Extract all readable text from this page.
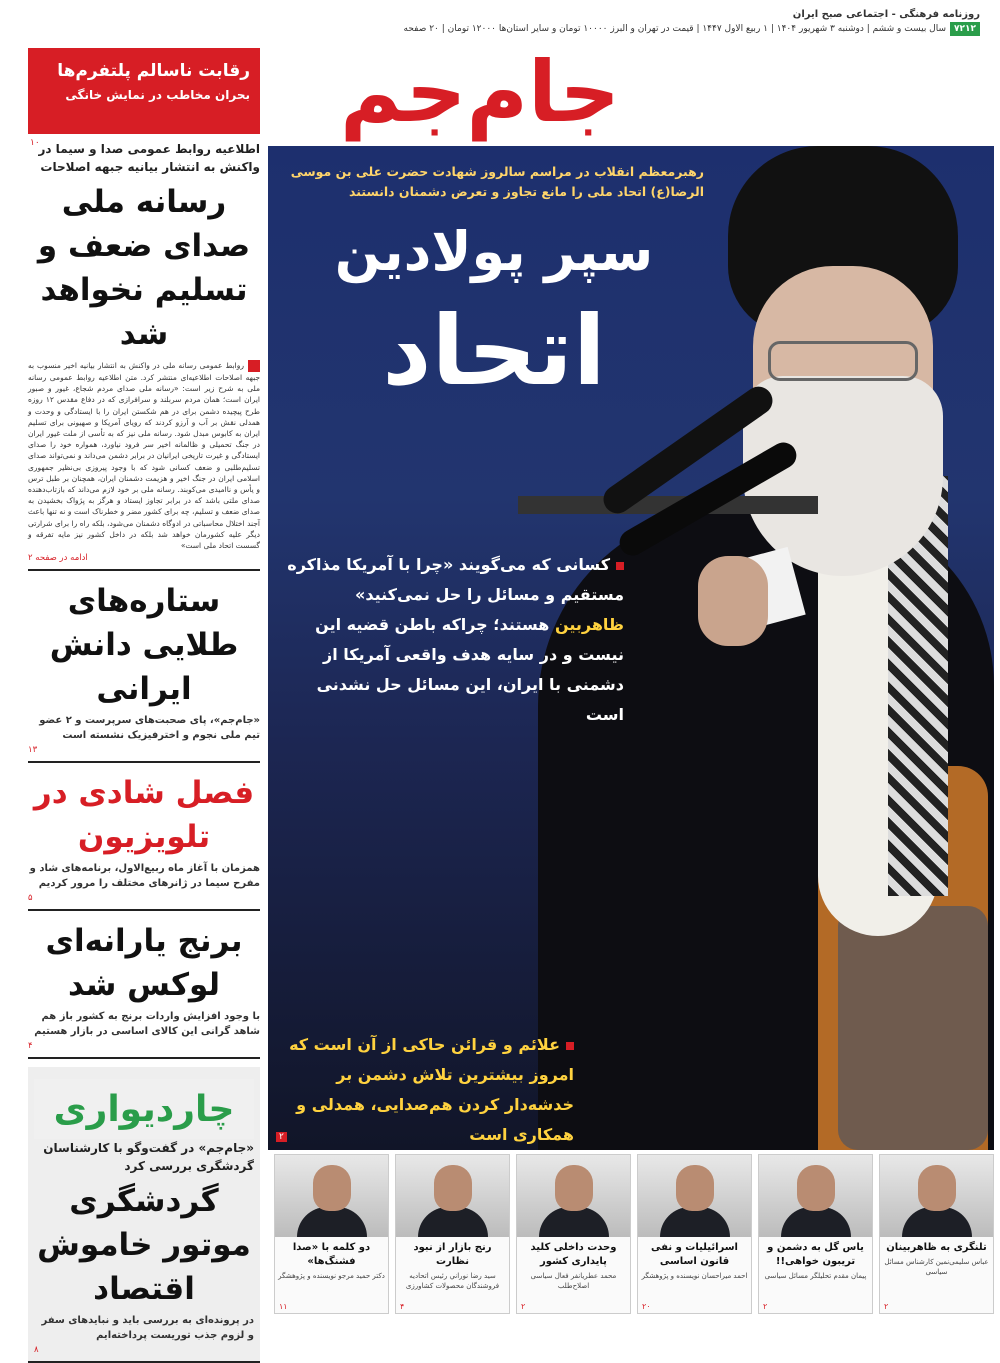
روزنامه فرهنگی - اجتماعی صبح ایران
۷۲۱۲سال بیست و ششم | دوشنبه ۳ شهریور ۱۴۰۴ | ۱ ربیع الاول ۱۴۴۷ | قیمت در تهران و البرز ۱۰۰۰۰ تومان و سایر استان‌ها ۱۲۰۰۰ تومان | ۲۰ صفحه
رقابت ناسالم پلتفرم‌ها

بحران مخاطب در نمایش خانگی

۱۰
جام‌جم
رهبرمعظم انقلاب در مراسم سالروز شهادت حضرت علی بن موسی الرضا(ع) اتحاد ملی را مانع تجاوز و تعرض دشمنان دانستند
سپر پولادین
اتحاد
کسانی که می‌گویند «چرا با آمریکا مذاکره مستقیم و مسائل را حل نمی‌کنید» ظاهربین هستند؛ چراکه باطن قضیه این نیست و در سایه هدف واقعی آمریکا از دشمنی با ایران، این مسائل حل نشدنی است
علائم و قرائن حاکی از آن است که امروز بیشترین تلاش دشمن بر خدشه‌دار کردن هم‌صدایی، همدلی و همکاری است
۲
اطلاعیه روابط عمومی صدا و سیما در واکنش به انتشار بیانیه جبهه اصلاحات
رسانه ملی صدای ضعف و تسلیم نخواهد شد
روابط عمومی رسانه ملی در واکنش به انتشار بیانیه اخیر منسوب به جبهه اصلاحات اطلاعیه‌ای منتشر کرد. متن اطلاعیه روابط عمومی رسانه ملی به شرح زیر است: «رسانه ملی صدای مردم شجاع، غیور و صبور ایران است؛ همان مردم سربلند و سرافرازی که در دفاع مقدس ۱۲ روزه طرح پیچیده دشمن برای در هم شکستن ایران را با ایستادگی و وحدت و همدلی نقش بر آب و آرزو کردند که رویای آمریکا و صهیونی برای تسلیم ایران به کابوس مبدل شود. رسانه ملی نیز که به تأسی از ملت غیور ایران در جنگ تحمیلی و ظالمانه اخیر سر فرود نیاورد، همواره خود را صدای ایستادگی و غیرت تاریخی ایرانیان در برابر دشمن می‌داند و نمی‌تواند صدای تسلیم‌طلبی و ضعف کسانی شود که با وجود پیروزی بی‌نظیر جمهوری اسلامی ایران در جنگ اخیر و هزیمت دشمنان ایران، همچنان بر طبل ترس و یأس و ناامیدی می‌کوبند. رسانه ملی بر خود لازم می‌داند که بازتاب‌دهنده صدای ملتی باشد که در برابر تجاوز ایستاد و هرگز به پژواک بخشیدن به صدای ضعف و تسلیم، چه برای کشور مضر و خطرناک است و نه تنها باعث آجند اختلال محاسباتی در ادوگاه دشمنان می‌شود، بلکه راه را برای شرارتی دیگر علیه کشورمان خواهد شد بلکه در داخل کشور نیز مایه تفرقه و گسست اتحاد ملی است»
ادامه در صفحه ۲
ستاره‌های طلایی دانش ایرانی
«جام‌جم»، پای صحبت‌های سرپرست و ۲ عضو تیم ملی نجوم و اخترفیزیک نشسته است
۱۳
فصل شادی در تلویزیون
همزمان با آغاز ماه ربیع‌الاول، برنامه‌های شاد و مفرح سیما در ژانرهای مختلف را مرور کردیم
۵
برنج یارانه‌ای لوکس شد
با وجود افزایش واردات برنج به کشور باز هم شاهد گرانی این کالای اساسی در بازار هستیم
۴
چاردیواری
«جام‌جم» در گفت‌وگو با کارشناسان گردشگری بررسی کرد
گردشگری موتور خاموش اقتصاد
در پرونده‌ای به بررسی باید و نبایدهای سفر و لزوم جذب توریست پرداخته‌ایم
۸
تلنگری به ظاهربینان
عباس سلیمی‌نمین کارشناس مسائل سیاسی
۲
یاس گل به دشمن و تریبون خواهی!!
پیمان مقدم تحلیلگر مسائل سیاسی
۲
اسرائیلیات و نفی قانون اساسی
احمد میراحسان نویسنده و پژوهشگر
۲۰
وحدت داخلی کلید پایداری کشور
محمد عطریانفر فعال سیاسی اصلاح‌طلب
۲
رنج بازار از نبود نظارت
سید رضا نوراني رئیس اتحادیه فروشندگان محصولات کشاورزی
۴
دو کلمه با «صدا فشنگ‌ها»
دکتر حمید مرجو نویسنده و پژوهشگر
۱۱
